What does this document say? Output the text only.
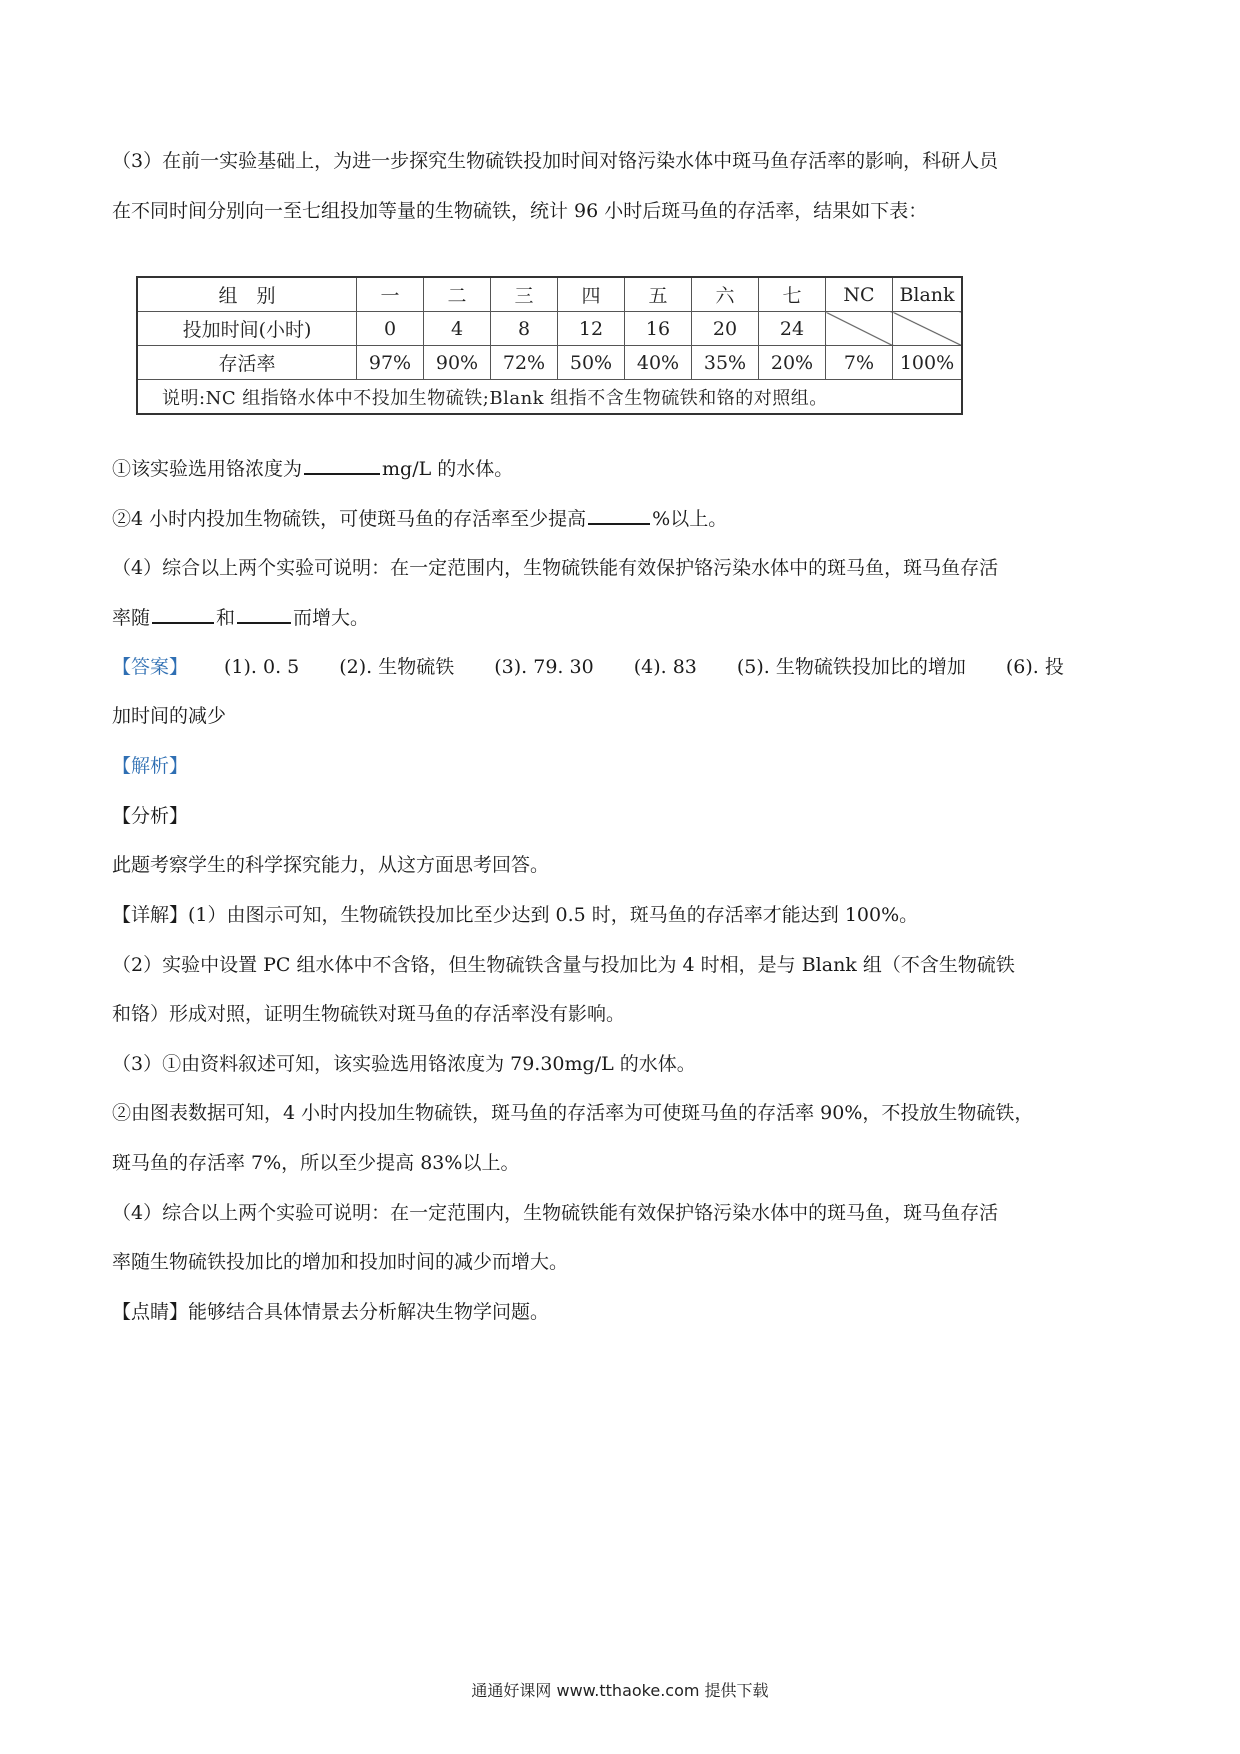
（3）在前一实验基础上，为进一步探究生物硫铁投加时间对铬污染水体中斑马鱼存活率的影响，科研人员
在不同时间分别向一至七组投加等量的生物硫铁，统计 96 小时后斑马鱼的存活率，结果如下表：
组　别	一	二	三	四	五	六	七	NC	Blank
投加时间(小时)	0	4	8	12	16	20	24		
存活率	97%	90%	72%	50%	40%	35%	20%	7%	100%
说明:NC 组指铬水体中不投加生物硫铁;Blank 组指不含生物硫铁和铬的对照组。									
①该实验选用铬浓度为	mg/L 的水体。
②4 小时内投加生物硫铁，可使斑马鱼的存活率至少提高	%以上。
（4）综合以上两个实验可说明：在一定范围内，生物硫铁能有效保护铬污染水体中的斑马鱼，斑马鱼存活
率随	和	而增大。
【答案】 (1). 0. 5 (2). 生物硫铁 (3). 79. 30 (4). 83 (5). 生物硫铁投加比的增加 (6). 投
加时间的减少
【解析】
【分析】
此题考察学生的科学探究能力，从这方面思考回答。
【详解】(1）由图示可知，生物硫铁投加比至少达到 0.5 时，斑马鱼的存活率才能达到 100%。
（2）实验中设置 PC 组水体中不含铬，但生物硫铁含量与投加比为 4 时相，是与 Blank 组（不含生物硫铁
和铬）形成对照，证明生物硫铁对斑马鱼的存活率没有影响。
（3）①由资料叙述可知，该实验选用铬浓度为 79.30mg/L 的水体。
②由图表数据可知，4 小时内投加生物硫铁，斑马鱼的存活率为可使斑马鱼的存活率 90%，不投放生物硫铁，
斑马鱼的存活率 7%，所以至少提高 83%以上。
（4）综合以上两个实验可说明：在一定范围内，生物硫铁能有效保护铬污染水体中的斑马鱼，斑马鱼存活
率随生物硫铁投加比的增加和投加时间的减少而增大。
【点睛】能够结合具体情景去分析解决生物学问题。
通通好课网 www.tthaoke.com 提供下载
